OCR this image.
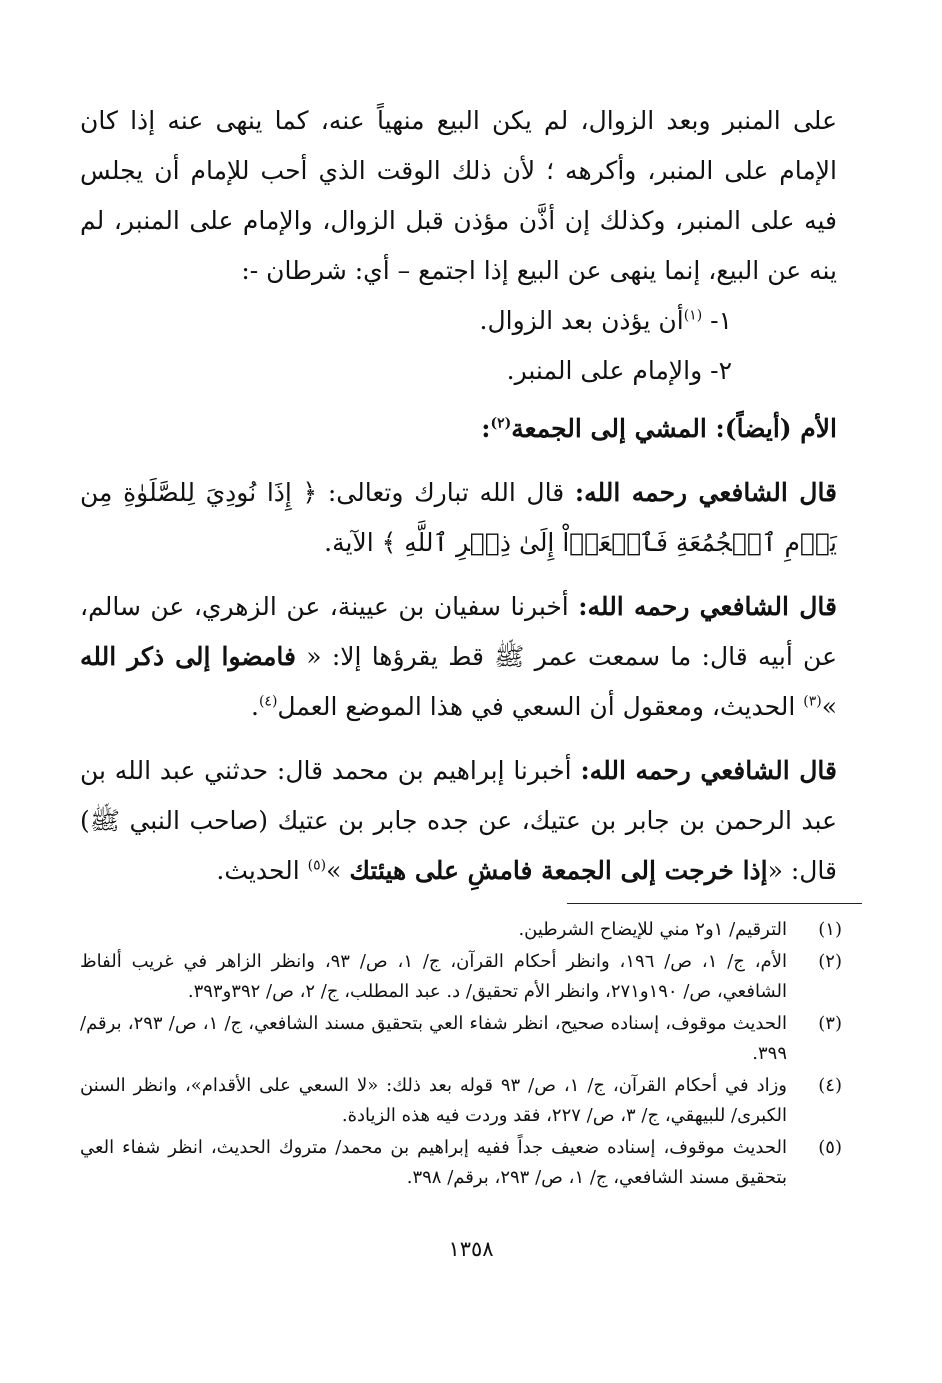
على المنبر وبعد الزوال، لم يكن البيع منهياً عنه، كما ينهى عنه إذا كان الإمام على المنبر، وأكرهه ؛ لأن ذلك الوقت الذي أحب للإمام أن يجلس فيه على المنبر، وكذلك إن أذَّن مؤذن قبل الزوال، والإمام على المنبر، لم ينه عن البيع، إنما ينهى عن البيع إذا اجتمع – أي: شرطان -:

١- $^{(١)}$أن يؤذن بعد الزوال.

٢- والإمام على المنبر.

الأم (أيضاً): المشي إلى الجمعة$^{(٢)}$:

قال الشافعي رحمه الله: قال الله تبارك وتعالى: ﴿ إِذَا نُودِيَ لِلصَّلَوٰةِ مِن يَوۡمِ ٱلۡجُمُعَةِ فَٱسۡعَوۡاْ إِلَىٰ ذِكۡرِ ٱللَّهِ ﴾ الآية.

قال الشافعي رحمه الله: أخبرنا سفيان بن عيينة، عن الزهري، عن سالم، عن أبيه قال: ما سمعت عمر ﷺ قط يقرؤها إلا: « فامضوا إلى ذكر الله »$^{(٣)}$ الحديث، ومعقول أن السعي في هذا الموضع العمل$^{(٤)}$.

قال الشافعي رحمه الله: أخبرنا إبراهيم بن محمد قال: حدثني عبد الله بن عبد الرحمن بن جابر بن عتيك، عن جده جابر بن عتيك (صاحب النبي ﷺ) قال: «إذا خرجت إلى الجمعة فامشِ على هيئتك »$^{(٥)}$ الحديث.

(١)
الترقيم/ ١و٢ مني للإيضاح الشرطين.
(٢)
الأم، ج/ ١، ص/ ١٩٦، وانظر أحكام القرآن، ج/ ١، ص/ ٩٣، وانظر الزاهر في غريب ألفاظ الشافعي، ص/ ١٩٠و٢٧١، وانظر الأم تحقيق/ د. عبد المطلب، ج/ ٢، ص/ ٣٩٢و٣٩٣.
(٣)
الحديث موقوف، إسناده صحيح، انظر شفاء العي بتحقيق مسند الشافعي، ج/ ١، ص/ ٢٩٣، برقم/ ٣٩٩.
(٤)
وزاد في أحكام القرآن، ج/ ١، ص/ ٩٣ قوله بعد ذلك: «لا السعي على الأقدام»، وانظر السنن الكبرى/ للبيهقي، ج/ ٣، ص/ ٢٢٧، فقد وردت فيه هذه الزيادة.
(٥)
الحديث موقوف، إسناده ضعيف جداً ففيه إبراهيم بن محمد/ متروك الحديث، انظر شفاء العي بتحقيق مسند الشافعي، ج/ ١، ص/ ٢٩٣، برقم/ ٣٩٨.
١٣٥٨
